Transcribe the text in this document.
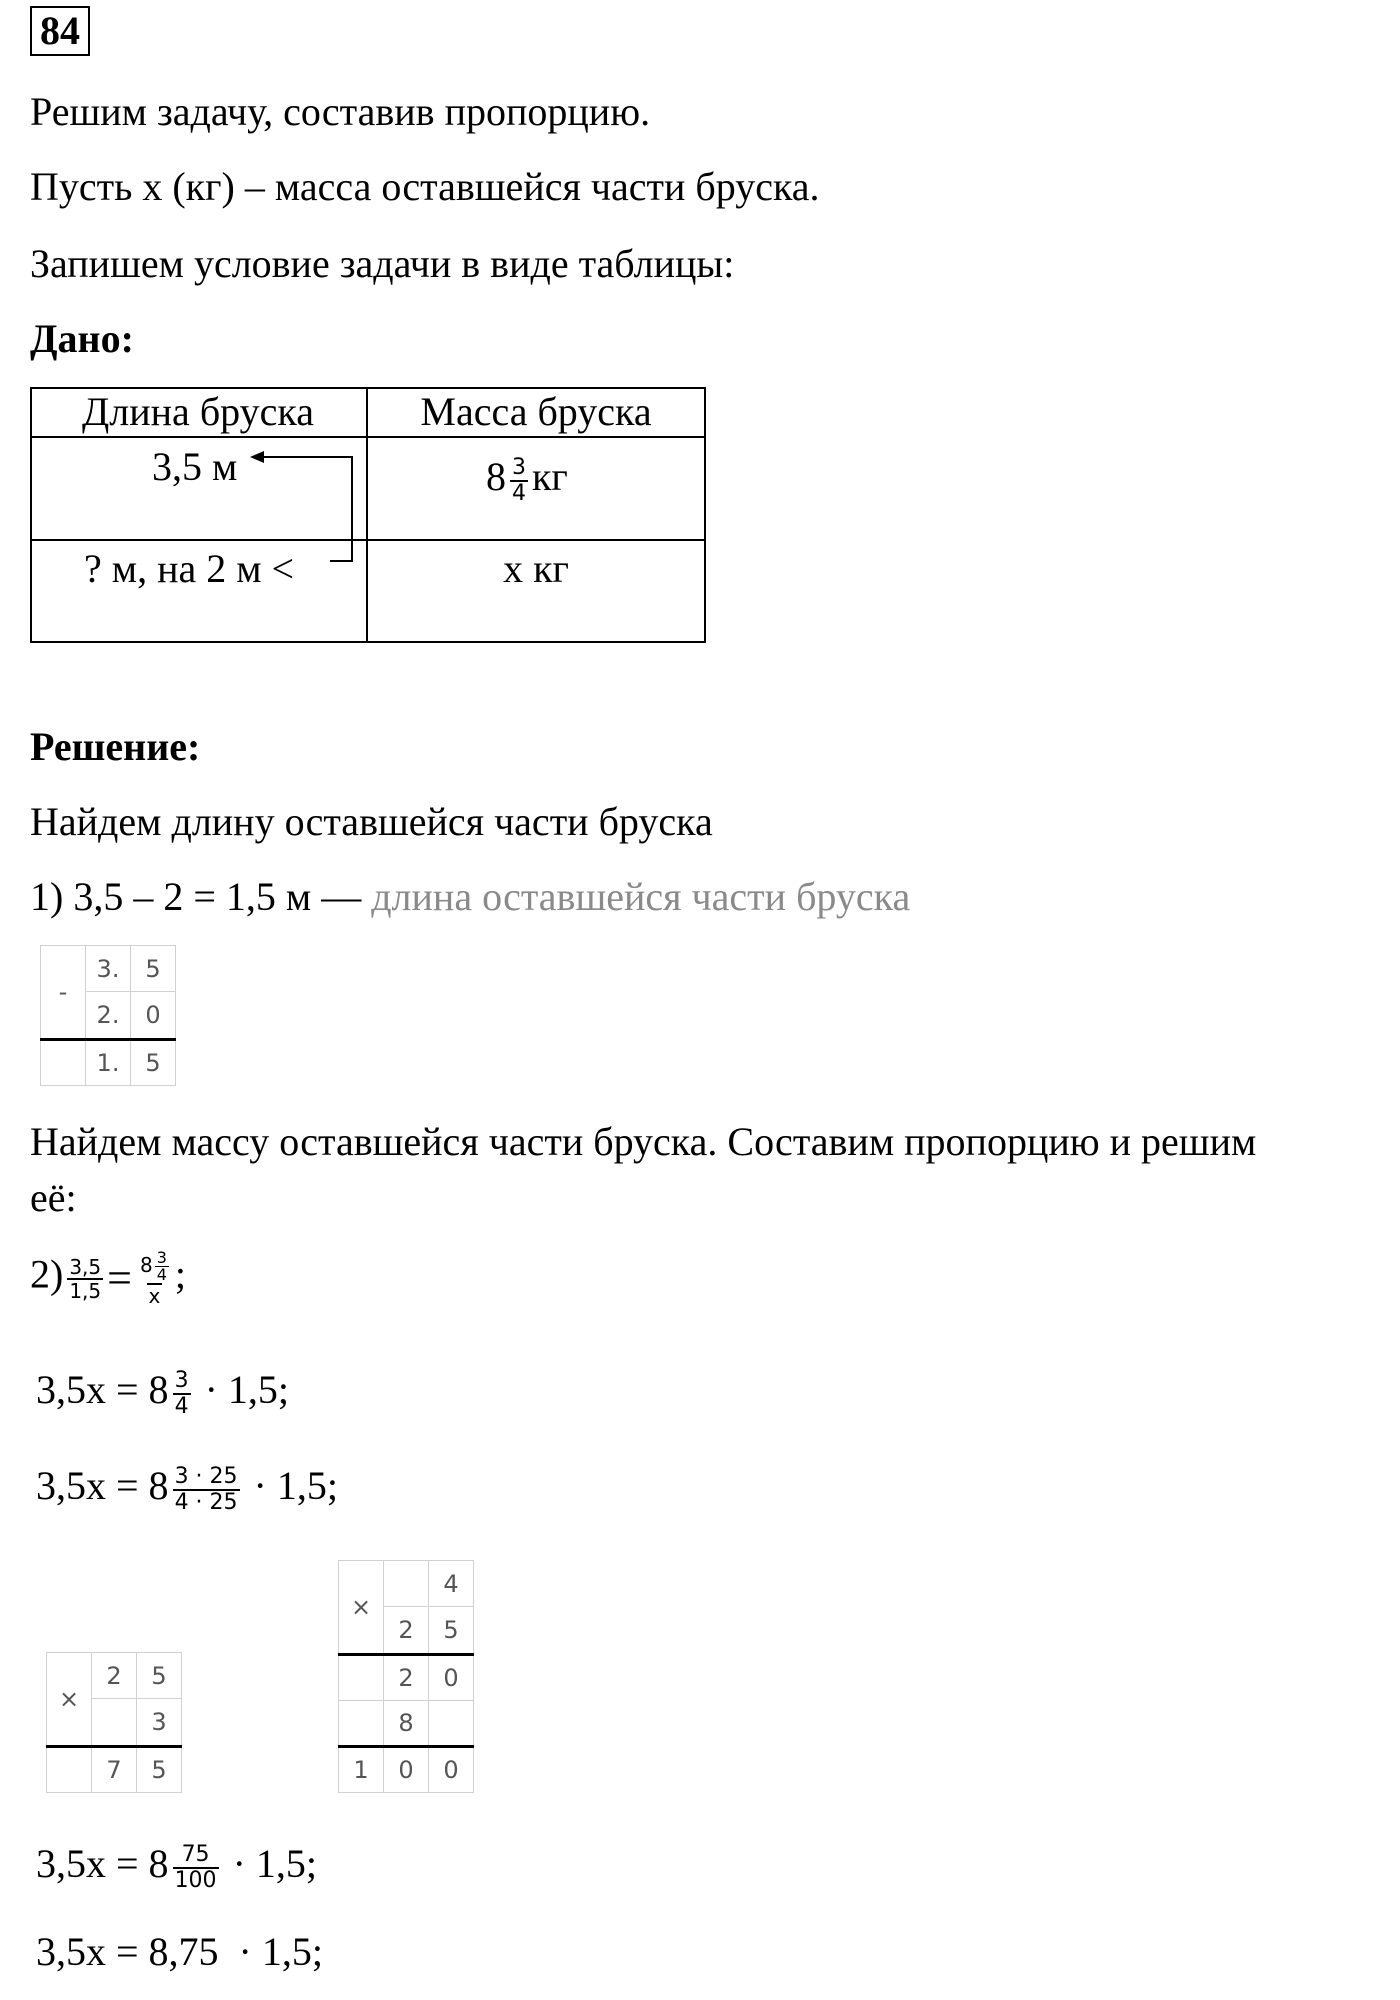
84
Решим задачу, составив пропорцию.
Пусть х (кг) – масса оставшейся части бруска.
Запишем условие задачи в виде таблицы:
Дано:
Длина бруска	Масса бруска
3,5 м	$8 \frac{3}{4}$ кг
? м, на 2 м <	х кг
Решение:
Найдем длину оставшейся части бруска
1) 3,5 – 2 = 1,5 м — длина оставшейся части бруска
-	3.	5
	2.	0
	1.	5
Найдем массу оставшейся части бруска. Составим пропорцию и решим
её:
$2) \frac{3,5}{1,5} = \frac{8 \frac{3}{4}}{х}$ ;
$3,5х = 8 \frac{3}{4} \cdot 1,5$;
$3,5х = 8 \frac{3 \cdot 25}{4 \cdot 25} \cdot 1,5$;
×	2	5
		3
	7	5
×		4
	2	5
	2	0
	8	
1	0	0
$3,5х = 8 \frac{75}{100} \cdot 1,5$;
3,5х = 8,75  · 1,5;
